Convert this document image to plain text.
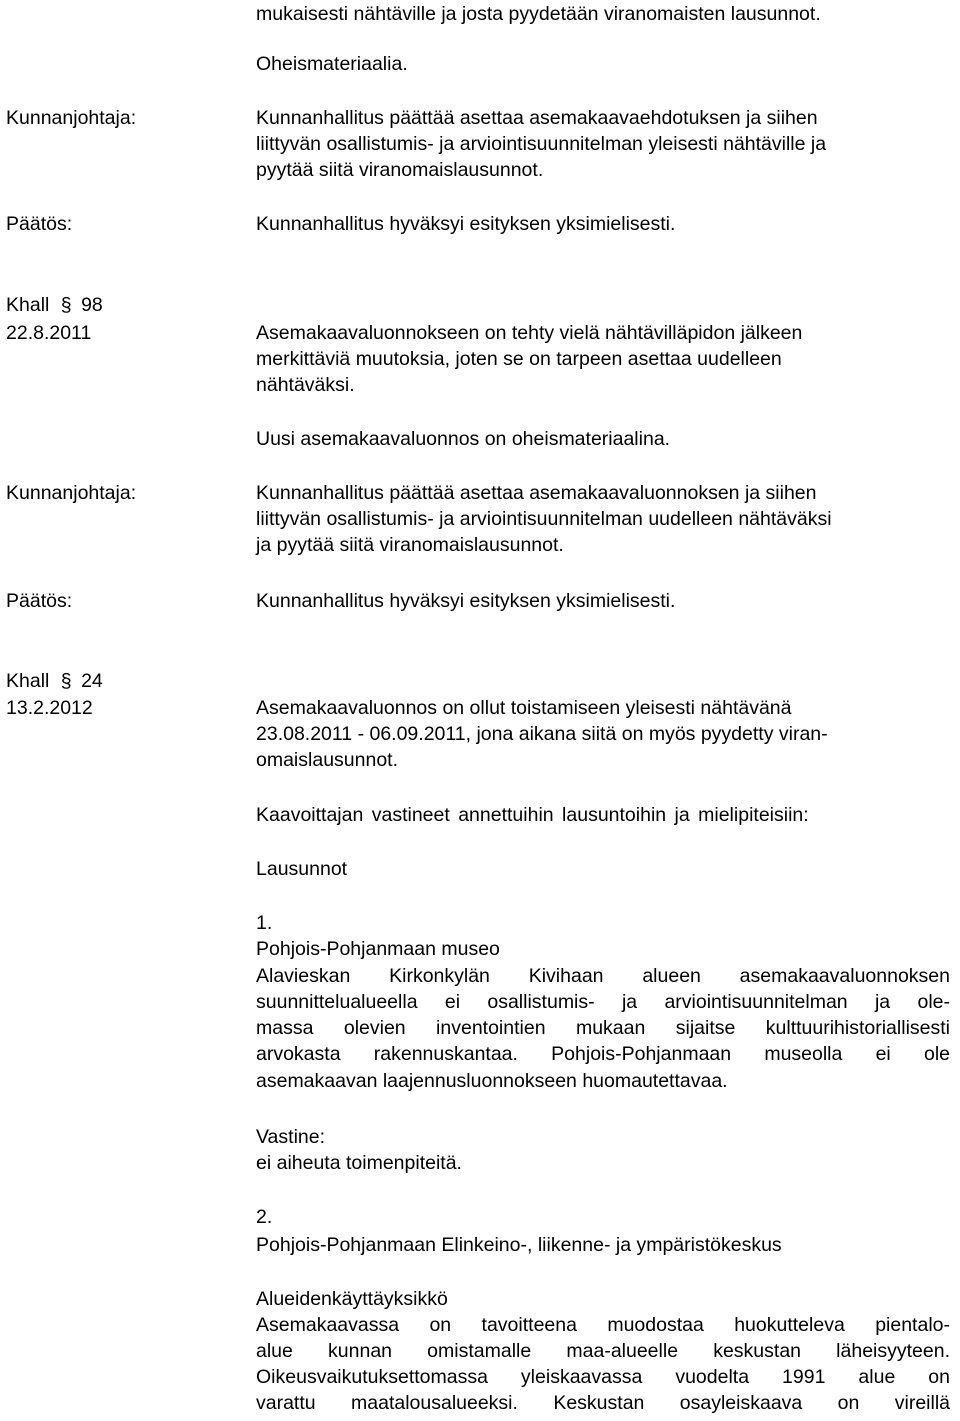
mukaisesti nähtäville ja josta pyydetään viranomaisten lausunnot.
Oheismateriaalia.
Kunnanjohtaja:	Kunnanhallitus päättää asettaa asemakaavaehdotuksen ja siihen
liittyvän osallistumis- ja arviointisuunnitelman yleisesti nähtäville ja
pyytää siitä viranomaislausunnot.
Päätös:	Kunnanhallitus hyväksyi esityksen yksimielisesti.
Khall § 98
22.8.2011	Asemakaavaluonnokseen on tehty vielä nähtävilläpidon jälkeen
merkittäviä muutoksia, joten se on tarpeen asettaa uudelleen
nähtäväksi.
Uusi asemakaavaluonnos on oheismateriaalina.
Kunnanjohtaja:	Kunnanhallitus päättää asettaa asemakaavaluonnoksen ja siihen
liittyvän osallistumis- ja arviointisuunnitelman uudelleen nähtäväksi
ja pyytää siitä viranomaislausunnot.
Päätös:	Kunnanhallitus hyväksyi esityksen yksimielisesti.
Khall § 24
13.2.2012	Asemakaavaluonnos on ollut toistamiseen yleisesti nähtävänä
23.08.2011 - 06.09.2011, jona aikana siitä on myös pyydetty viran-
omaislausunnot.
Kaavoittajan vastineet annettuihin lausuntoihin ja mielipiteisiin:
Lausunnot
1.
Pohjois-Pohjanmaan museo
Alavieskan Kirkonkylän Kivihaan alueen asemakaavaluonnoksen
suunnittelualueella ei osallistumis- ja arviointisuunnitelman ja ole-
massa olevien inventointien mukaan sijaitse kulttuurihistoriallisesti
arvokasta rakennuskantaa. Pohjois-Pohjanmaan museolla ei ole
asemakaavan laajennusluonnokseen huomautettavaa.
Vastine:
ei aiheuta toimenpiteitä.
2.
Pohjois-Pohjanmaan Elinkeino-, liikenne- ja ympäristökeskus
Alueidenkäyttäyksikkö
Asemakaavassa on tavoitteena muodostaa huokutteleva pientalo-
alue kunnan omistamalle maa-alueelle keskustan läheisyyteen.
Oikeusvaikutuksettomassa yleiskaavassa vuodelta 1991 alue on
varattu maatalousalueeksi. Keskustan osayleiskaava on vireillä
